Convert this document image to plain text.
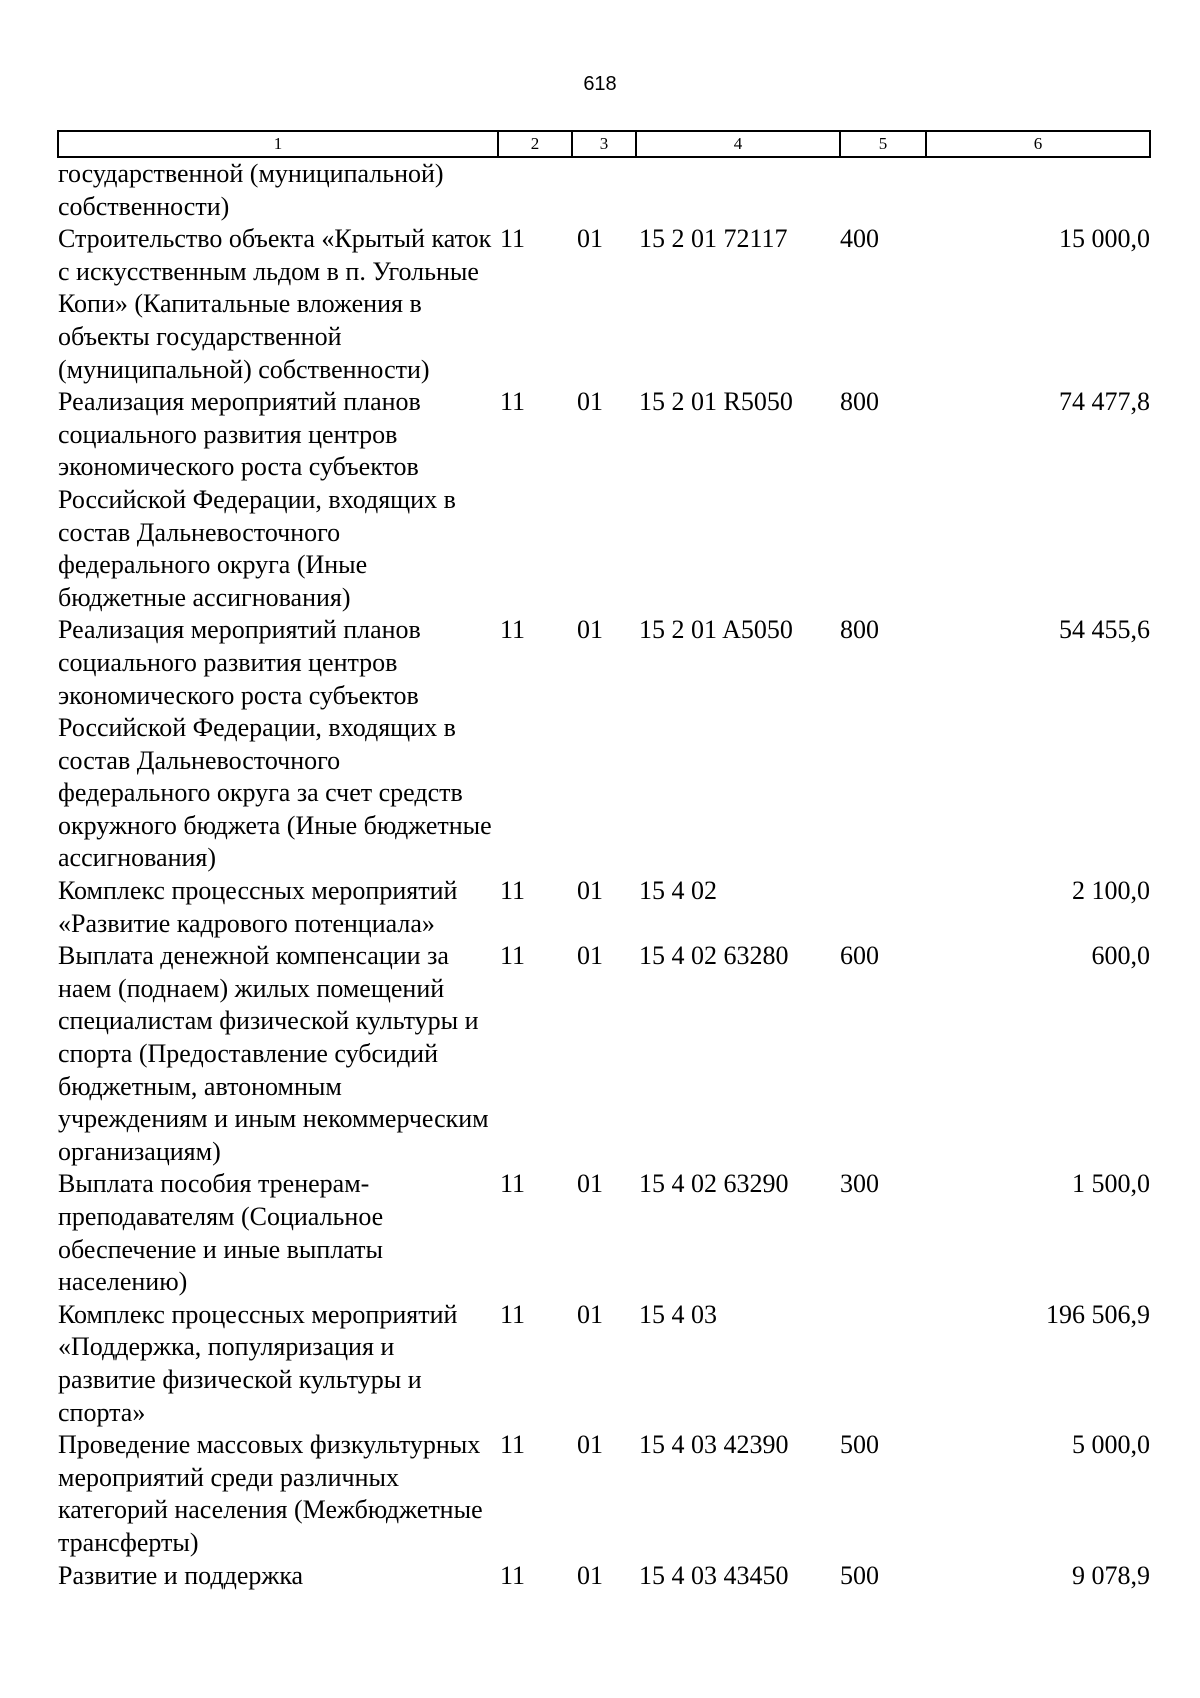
618
1	2	3	4	5	6
государственной (муниципальной) собственности)					
Строительство объекта «Крытый каток с искусственным льдом в п. Угольные Копи» (Капитальные вложения в объекты государственной (муниципальной) собственности)	11	01	15 2 01 72117	400	15 000,0
Реализация мероприятий планов социального развития центров экономического роста субъектов Российской Федерации, входящих в состав Дальневосточного федерального округа (Иные бюджетные ассигнования)	11	01	15 2 01 R5050	800	74 477,8
Реализация мероприятий планов социального развития центров экономического роста субъектов Российской Федерации, входящих в состав Дальневосточного федерального округа за счет средств окружного бюджета (Иные бюджетные ассигнования)	11	01	15 2 01 A5050	800	54 455,6
Комплекс процессных мероприятий «Развитие кадрового потенциала»	11	01	15 4 02		2 100,0
Выплата денежной компенсации за наем (поднаем) жилых помещений специалистам физической культуры и спорта (Предоставление субсидий бюджетным, автономным учреждениям и иным некоммерческим организациям)	11	01	15 4 02 63280	600	600,0
Выплата пособия тренерам-преподавателям (Социальное обеспечение и иные выплаты населению)	11	01	15 4 02 63290	300	1 500,0
Комплекс процессных мероприятий «Поддержка, популяризация и развитие физической культуры и спорта»	11	01	15 4 03		196 506,9
Проведение массовых физкультурных мероприятий среди различных категорий населения (Межбюджетные трансферты)	11	01	15 4 03 42390	500	5 000,0
Развитие и поддержка	11	01	15 4 03 43450	500	9 078,9
